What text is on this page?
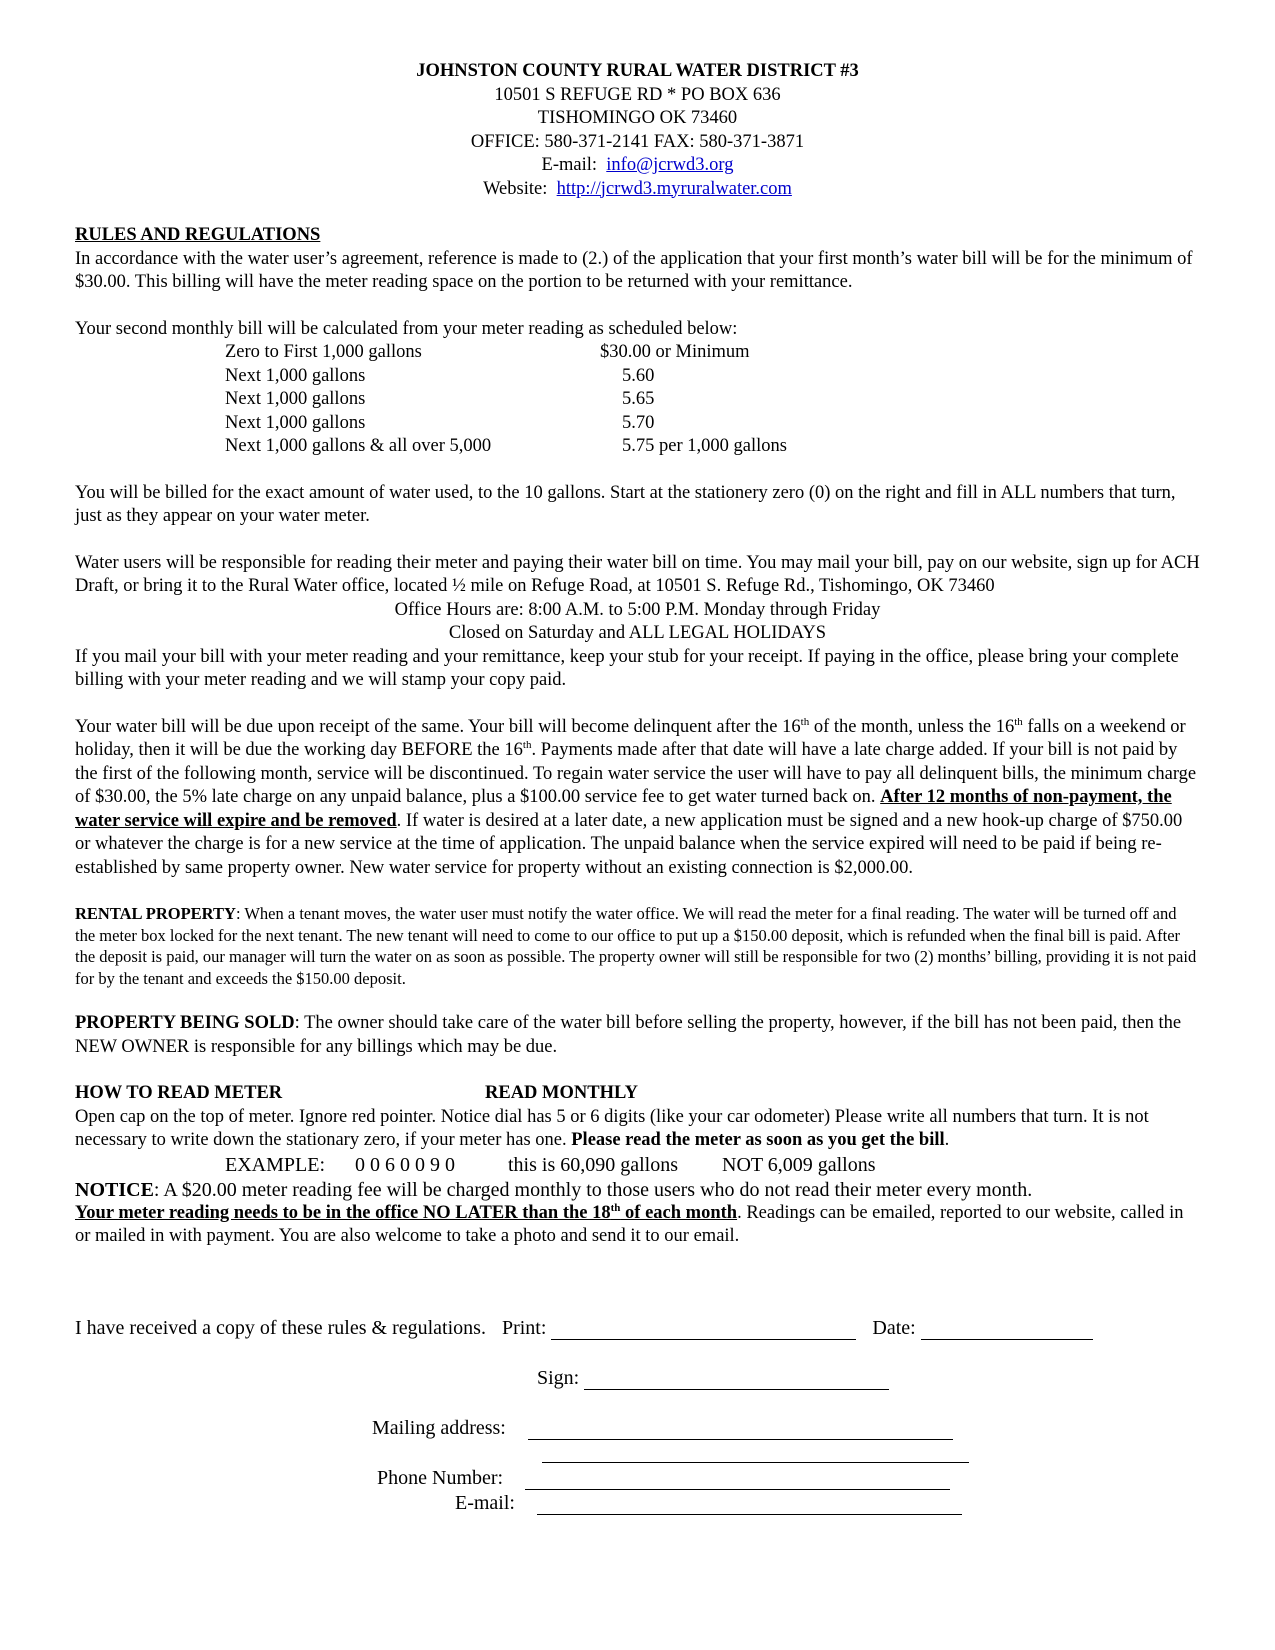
JOHNSTON COUNTY RURAL WATER DISTRICT #3

10501 S REFUGE RD * PO BOX 636

TISHOMINGO OK 73460

OFFICE: 580-371-2141 FAX: 580-371-3871

E-mail: info@jcrwd3.org

Website: http://jcrwd3.myruralwater.com

RULES AND REGULATIONS

In accordance with the water user’s agreement, reference is made to (2.) of the application that your first month’s water bill will be for the minimum of $30.00. This billing will have the meter reading space on the portion to be returned with your remittance.

Your second monthly bill will be calculated from your meter reading as scheduled below:

Zero to First 1,000 gallons	$30.00 or Minimum
Next 1,000 gallons	5.60
Next 1,000 gallons	5.65
Next 1,000 gallons	5.70
Next 1,000 gallons & all over 5,000	5.75 per 1,000 gallons

You will be billed for the exact amount of water used, to the 10 gallons. Start at the stationery zero (0) on the right and fill in ALL numbers that turn, just as they appear on your water meter.

Water users will be responsible for reading their meter and paying their water bill on time. You may mail your bill, pay on our website, sign up for ACH Draft, or bring it to the Rural Water office, located ½ mile on Refuge Road, at 10501 S. Refuge Rd., Tishomingo, OK 73460

Office Hours are: 8:00 A.M. to 5:00 P.M. Monday through Friday

Closed on Saturday and ALL LEGAL HOLIDAYS

If you mail your bill with your meter reading and your remittance, keep your stub for your receipt. If paying in the office, please bring your complete billing with your meter reading and we will stamp your copy paid.

Your water bill will be due upon receipt of the same. Your bill will become delinquent after the 16th of the month, unless the 16th falls on a weekend or holiday, then it will be due the working day BEFORE the 16th. Payments made after that date will have a late charge added. If your bill is not paid by the first of the following month, service will be discontinued. To regain water service the user will have to pay all delinquent bills, the minimum charge of $30.00, the 5% late charge on any unpaid balance, plus a $100.00 service fee to get water turned back on. After 12 months of non-payment, the water service will expire and be removed. If water is desired at a later date, a new application must be signed and a new hook-up charge of $750.00 or whatever the charge is for a new service at the time of application. The unpaid balance when the service expired will need to be paid if being re-established by same property owner. New water service for property without an existing connection is $2,000.00.

RENTAL PROPERTY: When a tenant moves, the water user must notify the water office. We will read the meter for a final reading. The water will be turned off and the meter box locked for the next tenant. The new tenant will need to come to our office to put up a $150.00 deposit, which is refunded when the final bill is paid. After the deposit is paid, our manager will turn the water on as soon as possible. The property owner will still be responsible for two (2) months’ billing, providing it is not paid for by the tenant and exceeds the $150.00 deposit.

PROPERTY BEING SOLD: The owner should take care of the water bill before selling the property, however, if the bill has not been paid, then the NEW OWNER is responsible for any billings which may be due.

HOW TO READ METER	READ MONTHLY

Open cap on the top of meter. Ignore red pointer. Notice dial has 5 or 6 digits (like your car odometer) Please write all numbers that turn. It is not necessary to write down the stationary zero, if your meter has one. Please read the meter as soon as you get the bill.

EXAMPLE: 0 0 6 0 0 9 0	this is 60,090 gallons NOT 6,009 gallons

NOTICE: A $20.00 meter reading fee will be charged monthly to those users who do not read their meter every month.

Your meter reading needs to be in the office NO LATER than the 18th of each month. Readings can be emailed, reported to our website, called in or mailed in with payment. You are also welcome to take a photo and send it to our email.

I have received a copy of these rules & regulations. Print:	Date:
Sign:
Mailing address:
Phone Number:
E-mail:
